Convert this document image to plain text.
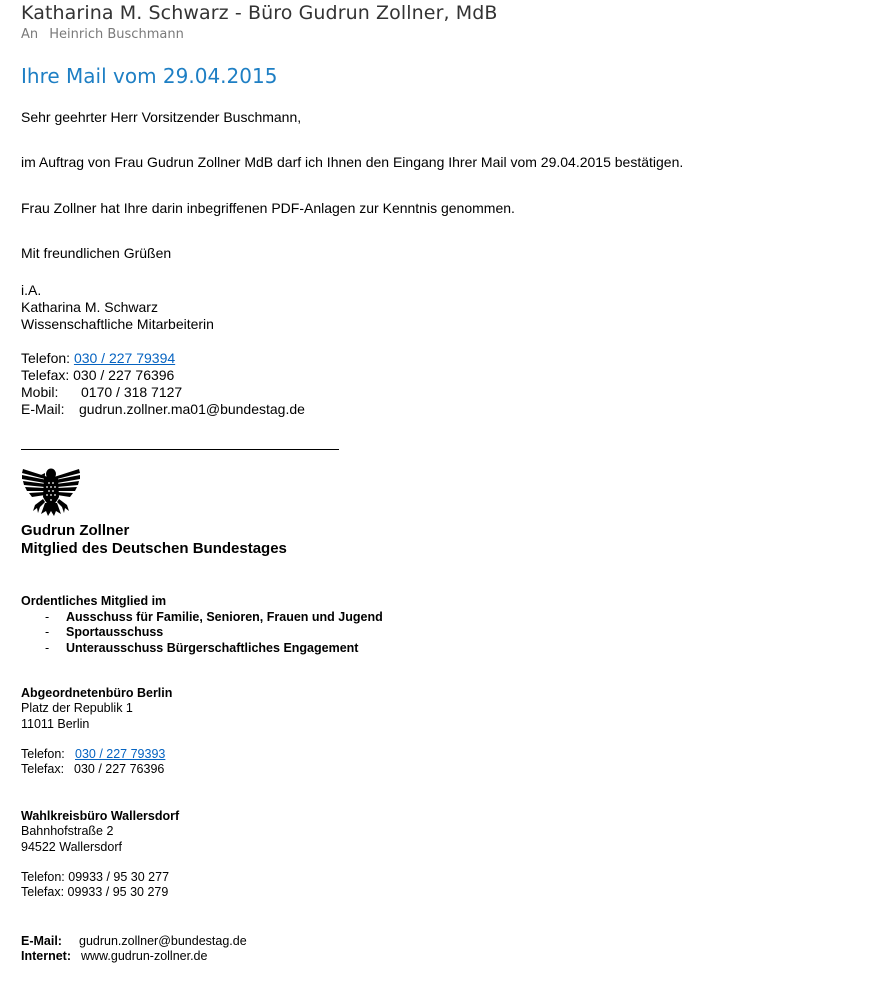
Katharina M. Schwarz - Büro Gudrun Zollner, MdB
An Heinrich Buschmann
Ihre Mail vom 29.04.2015
Sehr geehrter Herr Vorsitzender Buschmann,
im Auftrag von Frau Gudrun Zollner MdB darf ich Ihnen den Eingang Ihrer Mail vom 29.04.2015 bestätigen.
Frau Zollner hat Ihre darin inbegriffenen PDF-Anlagen zur Kenntnis genommen.
Mit freundlichen Grüßen
i.A.
Katharina M. Schwarz
Wissenschaftliche Mitarbeiterin
Telefon: 030 / 227 79394
Telefax: 030 / 227 76396
Mobil: 0170 / 318 7127
E-Mail: gudrun.zollner.ma01@bundestag.de
Gudrun Zollner
Mitglied des Deutschen Bundestages
Ordentliches Mitglied im
- Ausschuss für Familie, Senioren, Frauen und Jugend
- Sportausschuss
- Unterausschuss Bürgerschaftliches Engagement
Abgeordnetenbüro Berlin
Platz der Republik 1
11011 Berlin
Telefon: 030 / 227 79393
Telefax: 030 / 227 76396
Wahlkreisbüro Wallersdorf
Bahnhofstraße 2
94522 Wallersdorf
Telefon: 09933 / 95 30 277
Telefax: 09933 / 95 30 279
E-Mail: gudrun.zollner@bundestag.de
Internet: www.gudrun-zollner.de
